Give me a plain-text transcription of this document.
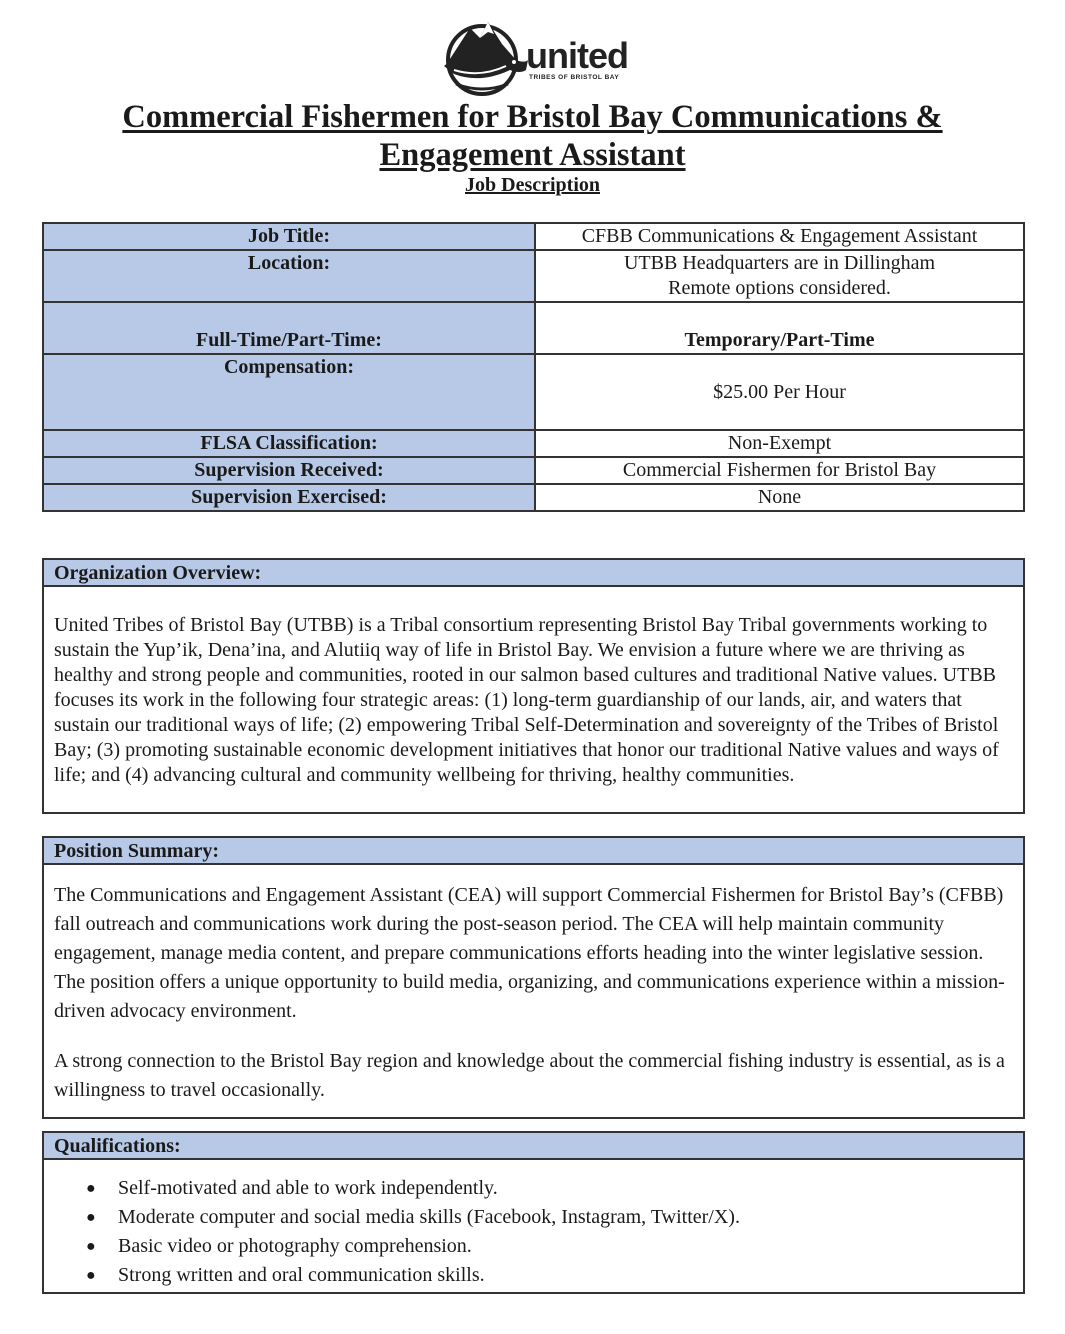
united
TRIBES OF BRISTOL BAY
Commercial Fishermen for Bristol Bay Communications & Engagement Assistant
Job Description
Job Title:	CFBB Communications & Engagement Assistant
Location:	UTBB Headquarters are in Dillingham
Remote options considered.

Full-Time/Part-Time:	Temporary/Part-Time
Compensation:	$25.00 Per Hour
FLSA Classification:	Non-Exempt
Supervision Received:	Commercial Fishermen for Bristol Bay
Supervision Exercised:	None
Organization Overview:

United Tribes of Bristol Bay (UTBB) is a Tribal consortium representing Bristol Bay Tribal governments working to sustain the Yup’ik, Dena’ina, and Alutiiq way of life in Bristol Bay. We envision a future where we are thriving as healthy and strong people and communities, rooted in our salmon based cultures and traditional Native values. UTBB focuses its work in the following four strategic areas: (1) long-term guardianship of our lands, air, and waters that sustain our traditional ways of life; (2) empowering Tribal Self-Determination and sovereignty of the Tribes of Bristol Bay; (3) promoting sustainable economic development initiatives that honor our traditional Native values and ways of life; and (4) advancing cultural and community wellbeing for thriving, healthy communities.

Position Summary:

The Communications and Engagement Assistant (CEA) will support Commercial Fishermen for Bristol Bay’s (CFBB) fall outreach and communications work during the post-season period. The CEA will help maintain community engagement, manage media content, and prepare communications efforts heading into the winter legislative session. The position offers a unique opportunity to build media, organizing, and communications experience within a mission-driven advocacy environment.

A strong connection to the Bristol Bay region and knowledge about the commercial fishing industry is essential, as is a willingness to travel occasionally.

Qualifications:
● Self-motivated and able to work independently.
● Moderate computer and social media skills (Facebook, Instagram, Twitter/X).
● Basic video or photography comprehension.
● Strong written and oral communication skills.
